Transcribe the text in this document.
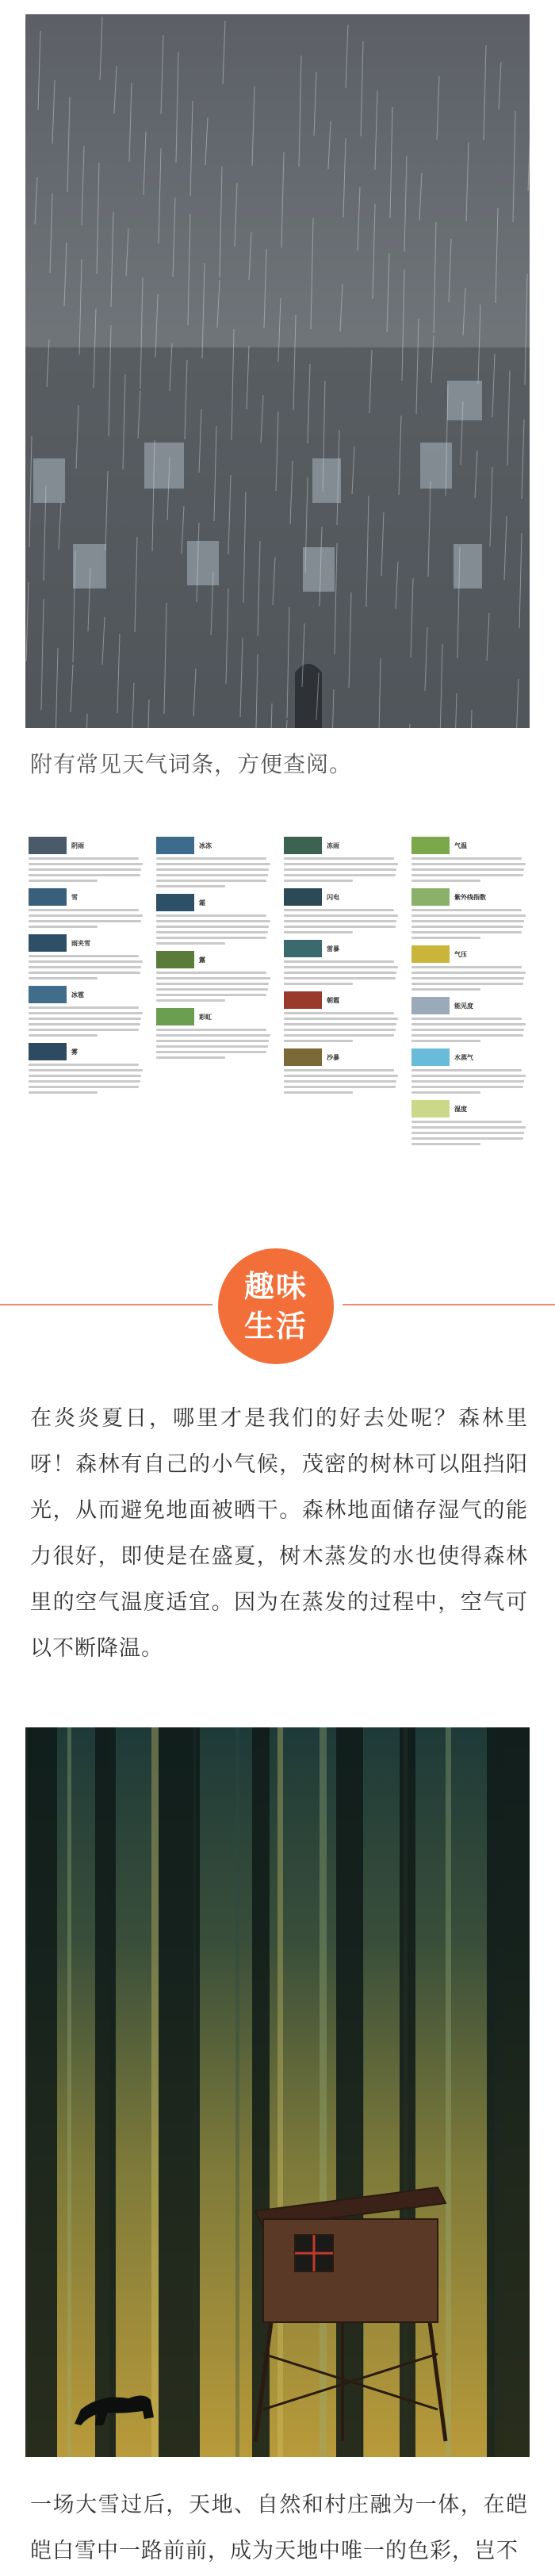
附有常见天气词条，方便查阅。
阴雨
雪
雨夹雪
冰雹
雾
冰冻
霜
露
彩虹
冻雨
闪电
雷暴
朝霞
沙暴
气温
紫外线指数
气压
能见度
水蒸气
湿度
趣味
生活
在炎炎夏日，哪里才是我们的好去处呢？森林里呀！森林有自己的小气候，茂密的树林可以阻挡阳光，从而避免地面被晒干。森林地面储存湿气的能力很好，即使是在盛夏，树木蒸发的水也使得森林里的空气温度适宜。因为在蒸发的过程中，空气可以不断降温。
一场大雪过后，天地、自然和村庄融为一体，在皑皑白雪中一路前前，成为天地中唯一的色彩，岂不
